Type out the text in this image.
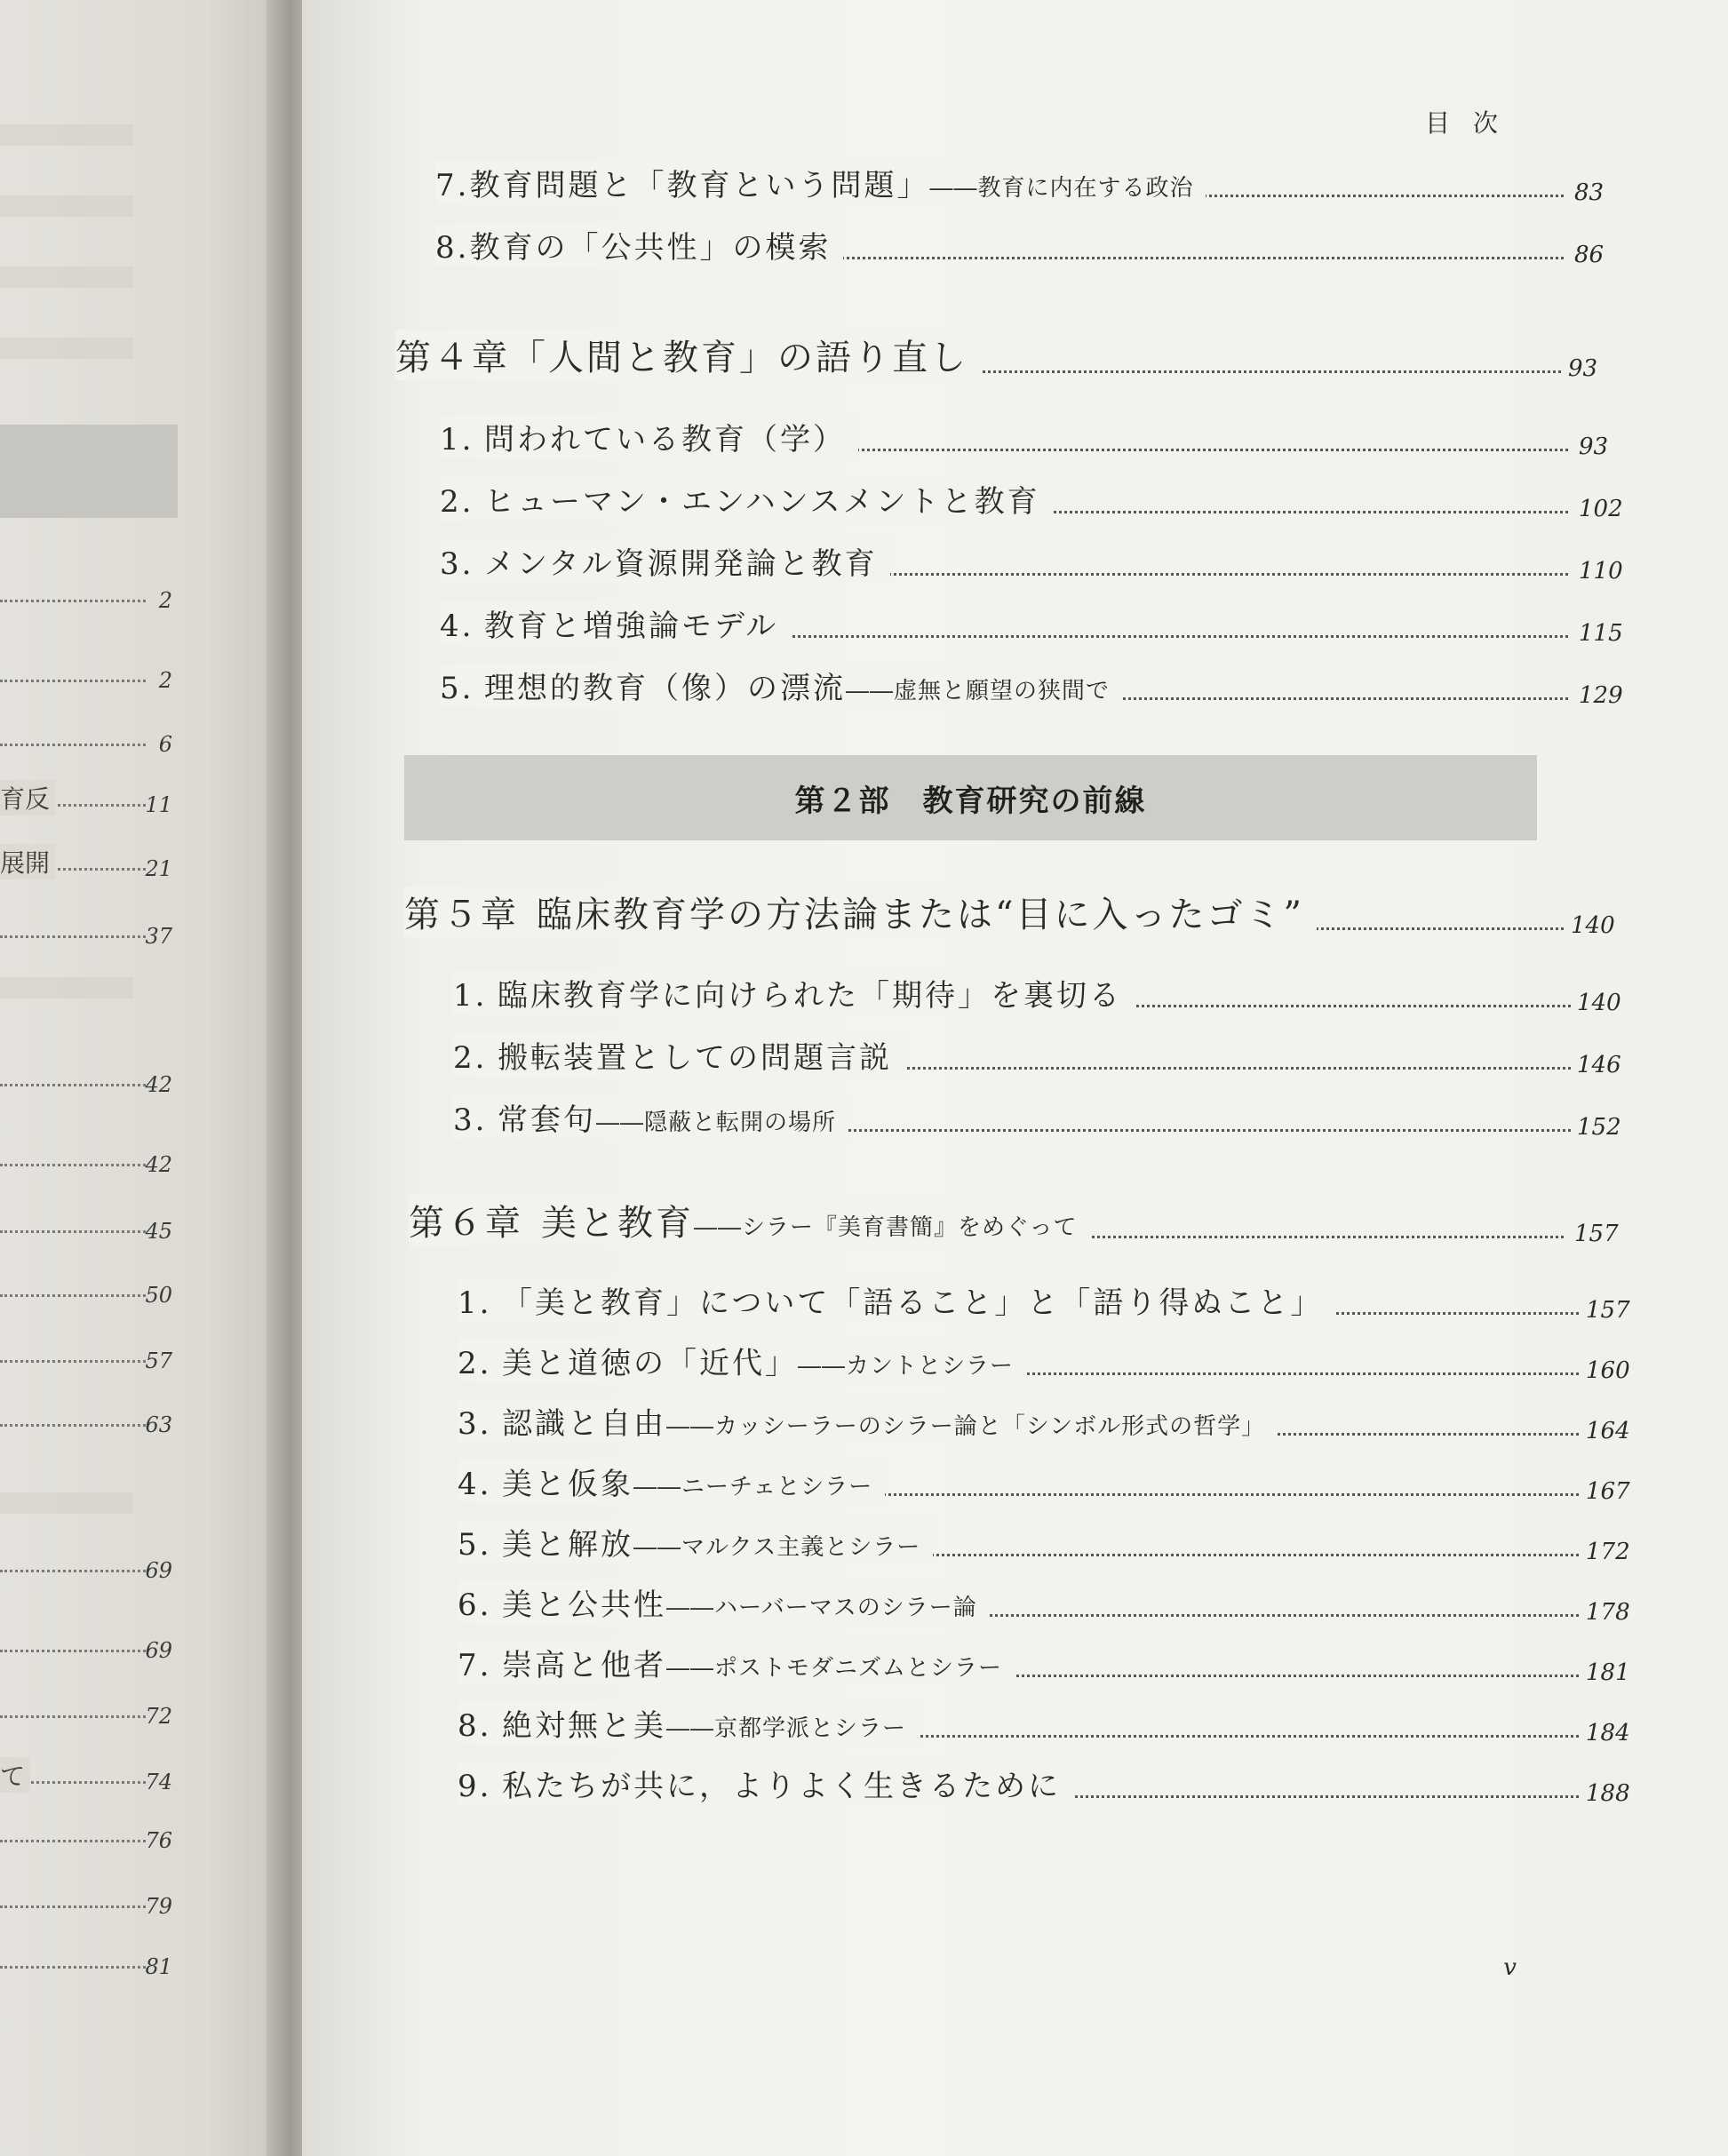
2
2
6
育反	11
展開	21
37
42
42
45
50
57
63
69
69
72
て	74
76
79
81
目次
7.教育問題と「教育という問題」――教育に内在する政治	83
8.教育の「公共性」の模索	86
第４章「人間と教育」の語り直し	93
1. 問われている教育（学）	93
2. ヒューマン・エンハンスメントと教育	102
3. メンタル資源開発論と教育	110
4. 教育と増強論モデル	115
5. 理想的教育（像）の漂流――虚無と願望の狭間で	129
第２部　教育研究の前線
第５章 臨床教育学の方法論または“目に入ったゴミ”	140
1. 臨床教育学に向けられた「期待」を裏切る	140
2. 搬転装置としての問題言説	146
3. 常套句――隠蔽と転開の場所	152
第６章 美と教育――シラー『美育書簡』をめぐって	157
1. 「美と教育」について「語ること」と「語り得ぬこと」	157
2. 美と道徳の「近代」――カントとシラー	160
3. 認識と自由――カッシーラーのシラー論と「シンボル形式の哲学」	164
4. 美と仮象――ニーチェとシラー	167
5. 美と解放――マルクス主義とシラー	172
6. 美と公共性――ハーバーマスのシラー論	178
7. 崇高と他者――ポストモダニズムとシラー	181
8. 絶対無と美――京都学派とシラー	184
9. 私たちが共に，よりよく生きるために	188
v
